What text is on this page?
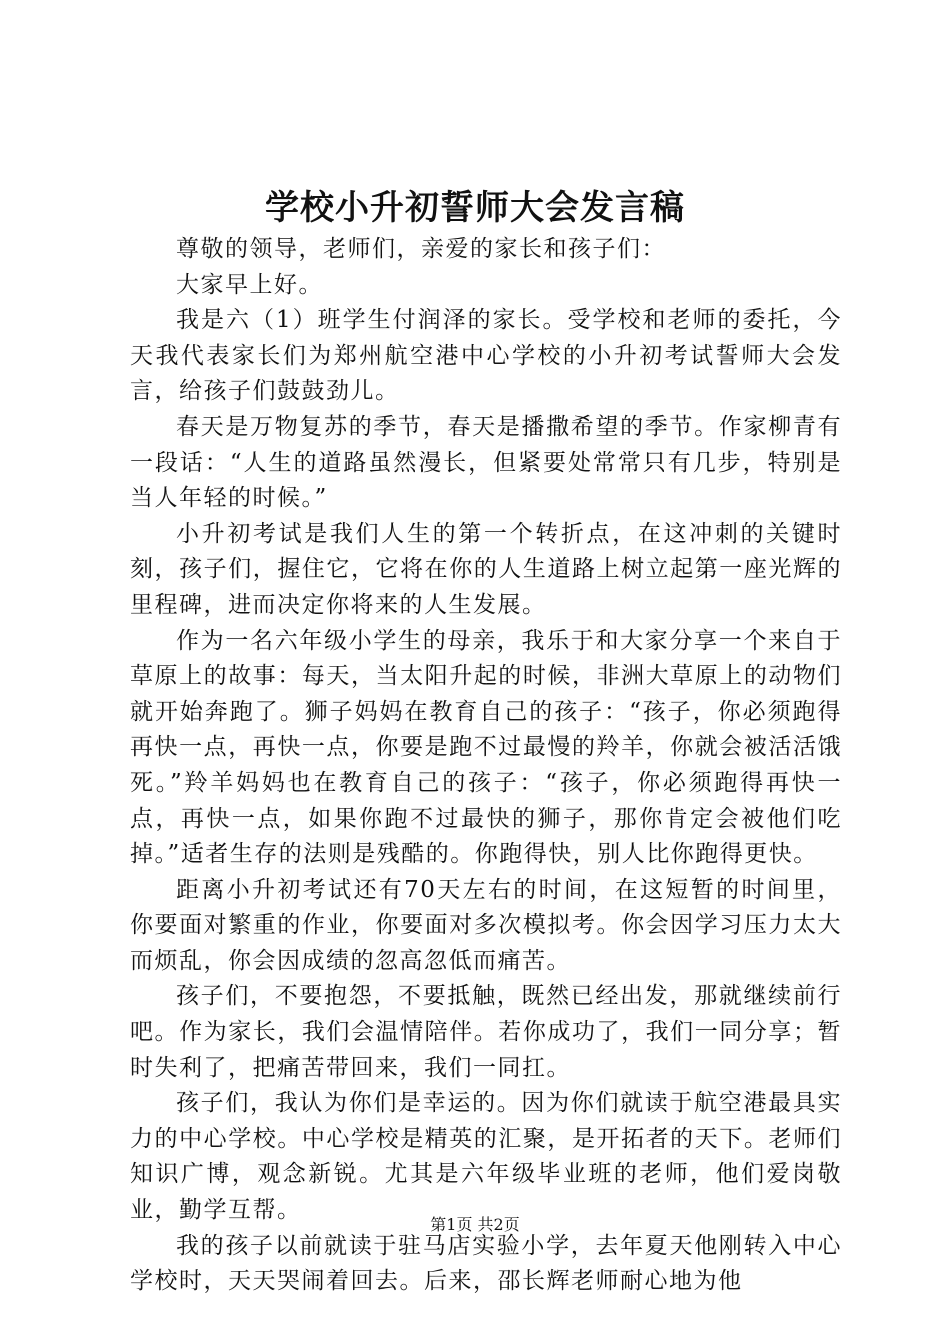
学校小升初誓师大会发言稿

尊敬的领导，老师们，亲爱的家长和孩子们：

大家早上好。

我是六（1）班学生付润泽的家长。受学校和老师的委托，今天我代表家长们为郑州航空港中心学校的小升初考试誓师大会发言，给孩子们鼓鼓劲儿。

春天是万物复苏的季节，春天是播撒希望的季节。作家柳青有一段话：“人生的道路虽然漫长，但紧要处常常只有几步，特别是当人年轻的时候。”

小升初考试是我们人生的第一个转折点，在这冲刺的关键时刻，孩子们，握住它，它将在你的人生道路上树立起第一座光辉的里程碑，进而决定你将来的人生发展。

作为一名六年级小学生的母亲，我乐于和大家分享一个来自于草原上的故事：每天，当太阳升起的时候，非洲大草原上的动物们就开始奔跑了。狮子妈妈在教育自己的孩子：“孩子，你必须跑得再快一点，再快一点，你要是跑不过最慢的羚羊，你就会被活活饿死。”羚羊妈妈也在教育自己的孩子：“孩子，你必须跑得再快一点，再快一点，如果你跑不过最快的狮子，那你肯定会被他们吃掉。”适者生存的法则是残酷的。你跑得快，别人比你跑得更快。

距离小升初考试还有70天左右的时间，在这短暂的时间里，你要面对繁重的作业，你要面对多次模拟考。你会因学习压力太大而烦乱，你会因成绩的忽高忽低而痛苦。

孩子们，不要抱怨，不要抵触，既然已经出发，那就继续前行吧。作为家长，我们会温情陪伴。若你成功了，我们一同分享；暂时失利了，把痛苦带回来，我们一同扛。

孩子们，我认为你们是幸运的。因为你们就读于航空港最具实力的中心学校。中心学校是精英的汇聚，是开拓者的天下。老师们知识广博，观念新锐。尤其是六年级毕业班的老师，他们爱岗敬业，勤学互帮。

我的孩子以前就读于驻马店实验小学，去年夏天他刚转入中心学校时，天天哭闹着回去。后来，邵长辉老师耐心地为他

第1页 共2页
